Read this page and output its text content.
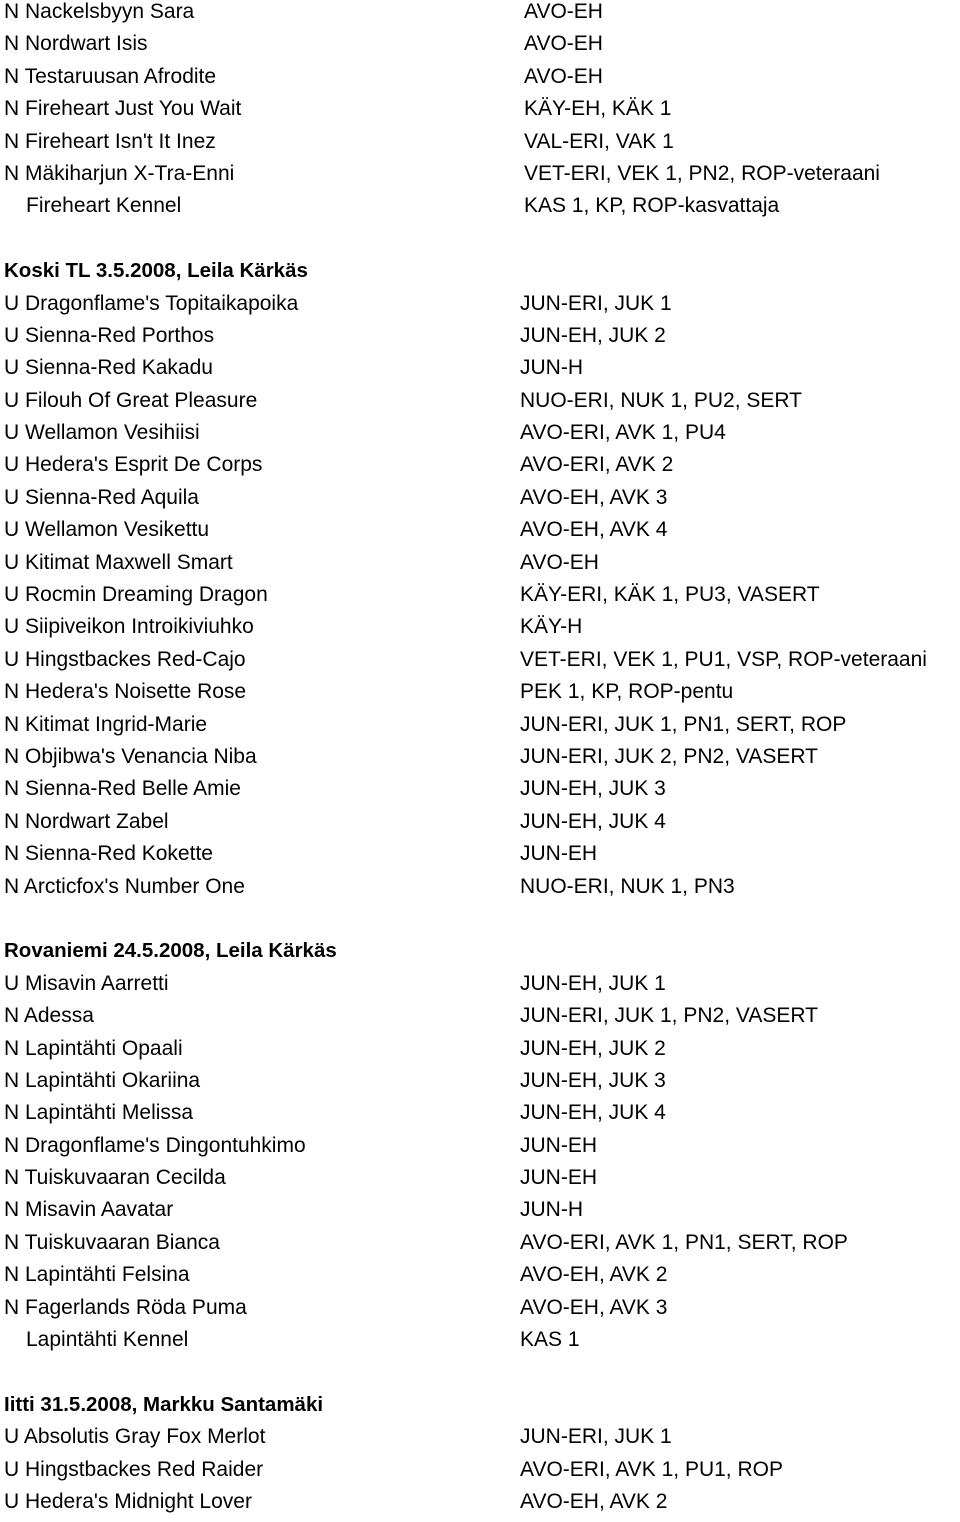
N Nackelsbyyn Sara	AVO-EH
N Nordwart Isis	AVO-EH
N Testaruusan Afrodite	AVO-EH
N Fireheart Just You Wait	KÄY-EH, KÄK 1
N Fireheart Isn't It Inez	VAL-ERI, VAK 1
N Mäkiharjun X-Tra-Enni	VET-ERI, VEK 1, PN2, ROP-veteraani
Fireheart Kennel	KAS 1, KP, ROP-kasvattaja
Koski TL 3.5.2008, Leila Kärkäs
U Dragonflame's Topitaikapoika	JUN-ERI, JUK 1
U Sienna-Red Porthos	JUN-EH, JUK 2
U Sienna-Red Kakadu	JUN-H
U Filouh Of Great Pleasure	NUO-ERI, NUK 1, PU2, SERT
U Wellamon Vesihiisi	AVO-ERI, AVK 1, PU4
U Hedera's Esprit De Corps	AVO-ERI, AVK 2
U Sienna-Red Aquila	AVO-EH, AVK 3
U Wellamon Vesikettu	AVO-EH, AVK 4
U Kitimat Maxwell Smart	AVO-EH
U Rocmin Dreaming Dragon	KÄY-ERI, KÄK 1, PU3, VASERT
U Siipiveikon Introikiviuhko	KÄY-H
U Hingstbackes Red-Cajo	VET-ERI, VEK 1, PU1, VSP, ROP-veteraani
N Hedera's Noisette Rose	PEK 1, KP, ROP-pentu
N Kitimat Ingrid-Marie	JUN-ERI, JUK 1, PN1, SERT, ROP
N Objibwa's Venancia Niba	JUN-ERI, JUK 2, PN2, VASERT
N Sienna-Red Belle Amie	JUN-EH, JUK 3
N Nordwart Zabel	JUN-EH, JUK 4
N Sienna-Red Kokette	JUN-EH
N Arcticfox's Number One	NUO-ERI, NUK 1, PN3
Rovaniemi 24.5.2008, Leila Kärkäs
U Misavin Aarretti	JUN-EH, JUK 1
N Adessa	JUN-ERI, JUK 1, PN2, VASERT
N Lapintähti Opaali	JUN-EH, JUK 2
N Lapintähti Okariina	JUN-EH, JUK 3
N Lapintähti Melissa	JUN-EH, JUK 4
N Dragonflame's Dingontuhkimo	JUN-EH
N Tuiskuvaaran Cecilda	JUN-EH
N Misavin Aavatar	JUN-H
N Tuiskuvaaran Bianca	AVO-ERI, AVK 1, PN1, SERT, ROP
N Lapintähti Felsina	AVO-EH, AVK 2
N Fagerlands Röda Puma	AVO-EH, AVK 3
Lapintähti Kennel	KAS 1
Iitti 31.5.2008, Markku Santamäki
U Absolutis Gray Fox Merlot	JUN-ERI, JUK 1
U Hingstbackes Red Raider	AVO-ERI, AVK 1, PU1, ROP
U Hedera's Midnight Lover	AVO-EH, AVK 2
